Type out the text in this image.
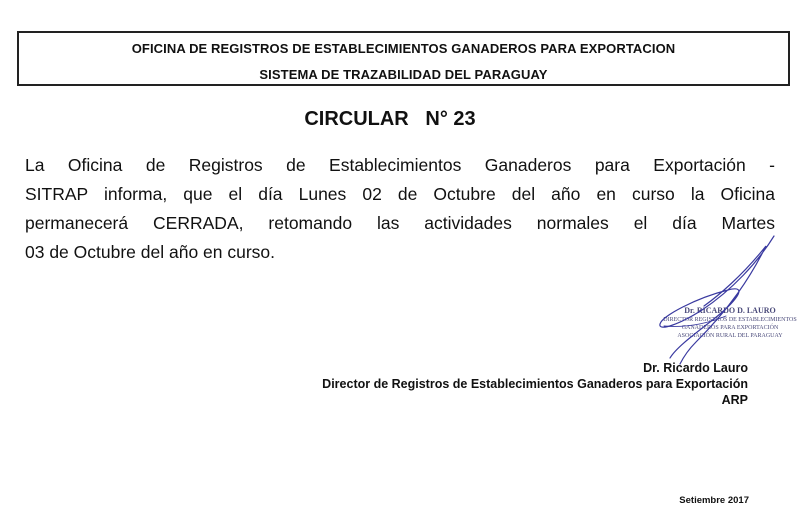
OFICINA DE REGISTROS DE ESTABLECIMIENTOS GANADEROS PARA EXPORTACION
SISTEMA DE TRAZABILIDAD DEL PARAGUAY
CIRCULAR   N° 23
La Oficina de Registros de Establecimientos Ganaderos para Exportación -
SITRAP informa, que el día Lunes 02 de Octubre del año en curso la Oficina
permanecerá CERRADA, retomando las actividades normales el día Martes
03 de Octubre del año en curso.
Dr. RICARDO D. LAURO
DIRECTOR REGISTROS DE ESTABLECIMIENTOS
GANADEROS PARA EXPORTACIÓN
ASOCIACIÓN RURAL DEL PARAGUAY
Dr. Ricardo Lauro
Director de Registros de Establecimientos Ganaderos para Exportación
ARP
Setiembre 2017
